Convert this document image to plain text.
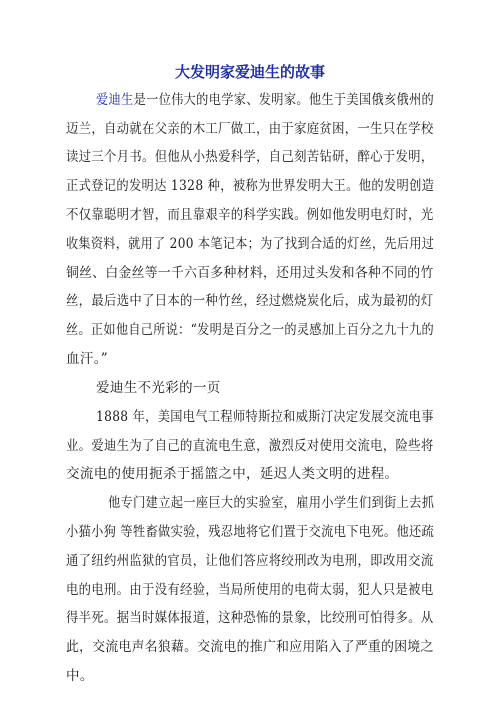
大发明家爱迪生的故事
爱迪生是一位伟大的电学家、发明家。他生于美国俄亥俄州的
迈兰，自动就在父亲的木工厂做工，由于家庭贫困，一生只在学校
读过三个月书。但他从小热爱科学，自己刻苦钻研，醉心于发明，
正式登记的发明达 1328 种，被称为世界发明大王。他的发明创造
不仅靠聪明才智，而且靠艰辛的科学实践。例如他发明电灯时，光
收集资料，就用了 200 本笔记本；为了找到合适的灯丝，先后用过
铜丝、白金丝等一千六百多种材料，还用过头发和各种不同的竹
丝，最后选中了日本的一种竹丝，经过燃烧炭化后，成为最初的灯
丝。正如他自己所说：“发明是百分之一的灵感加上百分之九十九的
血汗。”
爱迪生不光彩的一页
1888 年，美国电气工程师特斯拉和威斯汀决定发展交流电事
业。爱迪生为了自己的直流电生意，激烈反对使用交流电，险些将
交流电的使用扼杀于摇篮之中，延迟人类文明的进程。
他专门建立起一座巨大的实验室，雇用小学生们到街上去抓
小猫小狗 等牲畜做实验，残忍地将它们置于交流电下电死。他还疏
通了纽约州监狱的官员，让他们答应将绞刑改为电刑，即改用交流
电的电刑。由于没有经验，当局所使用的电荷太弱，犯人只是被电
得半死。据当时媒体报道，这种恐怖的景象，比绞刑可怕得多。从
此，交流电声名狼藉。交流电的推广和应用陷入了严重的困境之
中。
